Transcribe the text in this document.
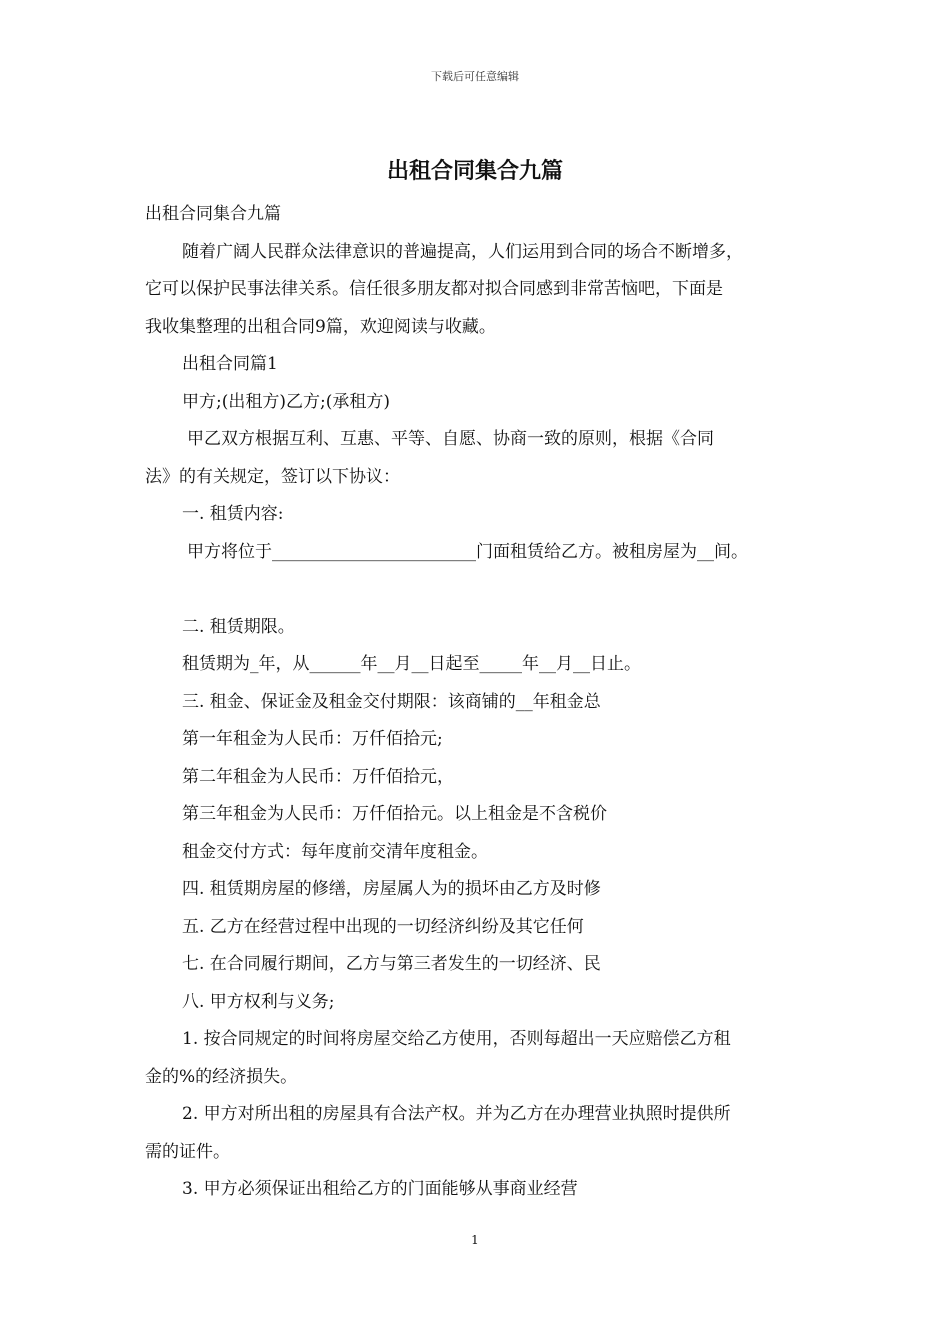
下载后可任意编辑
出租合同集合九篇
出租合同集合九篇
随着广阔人民群众法律意识的普遍提高，人们运用到合同的场合不断增多，
它可以保护民事法律关系。信任很多朋友都对拟合同感到非常苦恼吧，下面是
我收集整理的出租合同9篇，欢迎阅读与收藏。
出租合同篇1
甲方;(出租方)乙方;(承租方)
甲乙双方根据互利、互惠、平等、自愿、协商一致的原则，根据《合同
法》的有关规定，签订以下协议：
一. 租赁内容:
甲方将位于________________________门面租赁给乙方。被租房屋为__间。
二. 租赁期限。
租赁期为_年，从______年__月__日起至_____年__月__日止。
三. 租金、保证金及租金交付期限：该商铺的__年租金总
第一年租金为人民币：万仟佰拾元;
第二年租金为人民币：万仟佰拾元，
第三年租金为人民币：万仟佰拾元。以上租金是不含税价
租金交付方式：每年度前交清年度租金。
四. 租赁期房屋的修缮，房屋属人为的损坏由乙方及时修
五. 乙方在经营过程中出现的一切经济纠纷及其它任何
七. 在合同履行期间，乙方与第三者发生的一切经济、民
八. 甲方权利与义务;
1. 按合同规定的时间将房屋交给乙方使用，否则每超出一天应赔偿乙方租
金的%的经济损失。
2. 甲方对所出租的房屋具有合法产权。并为乙方在办理营业执照时提供所
需的证件。
3. 甲方必须保证出租给乙方的门面能够从事商业经营
1
